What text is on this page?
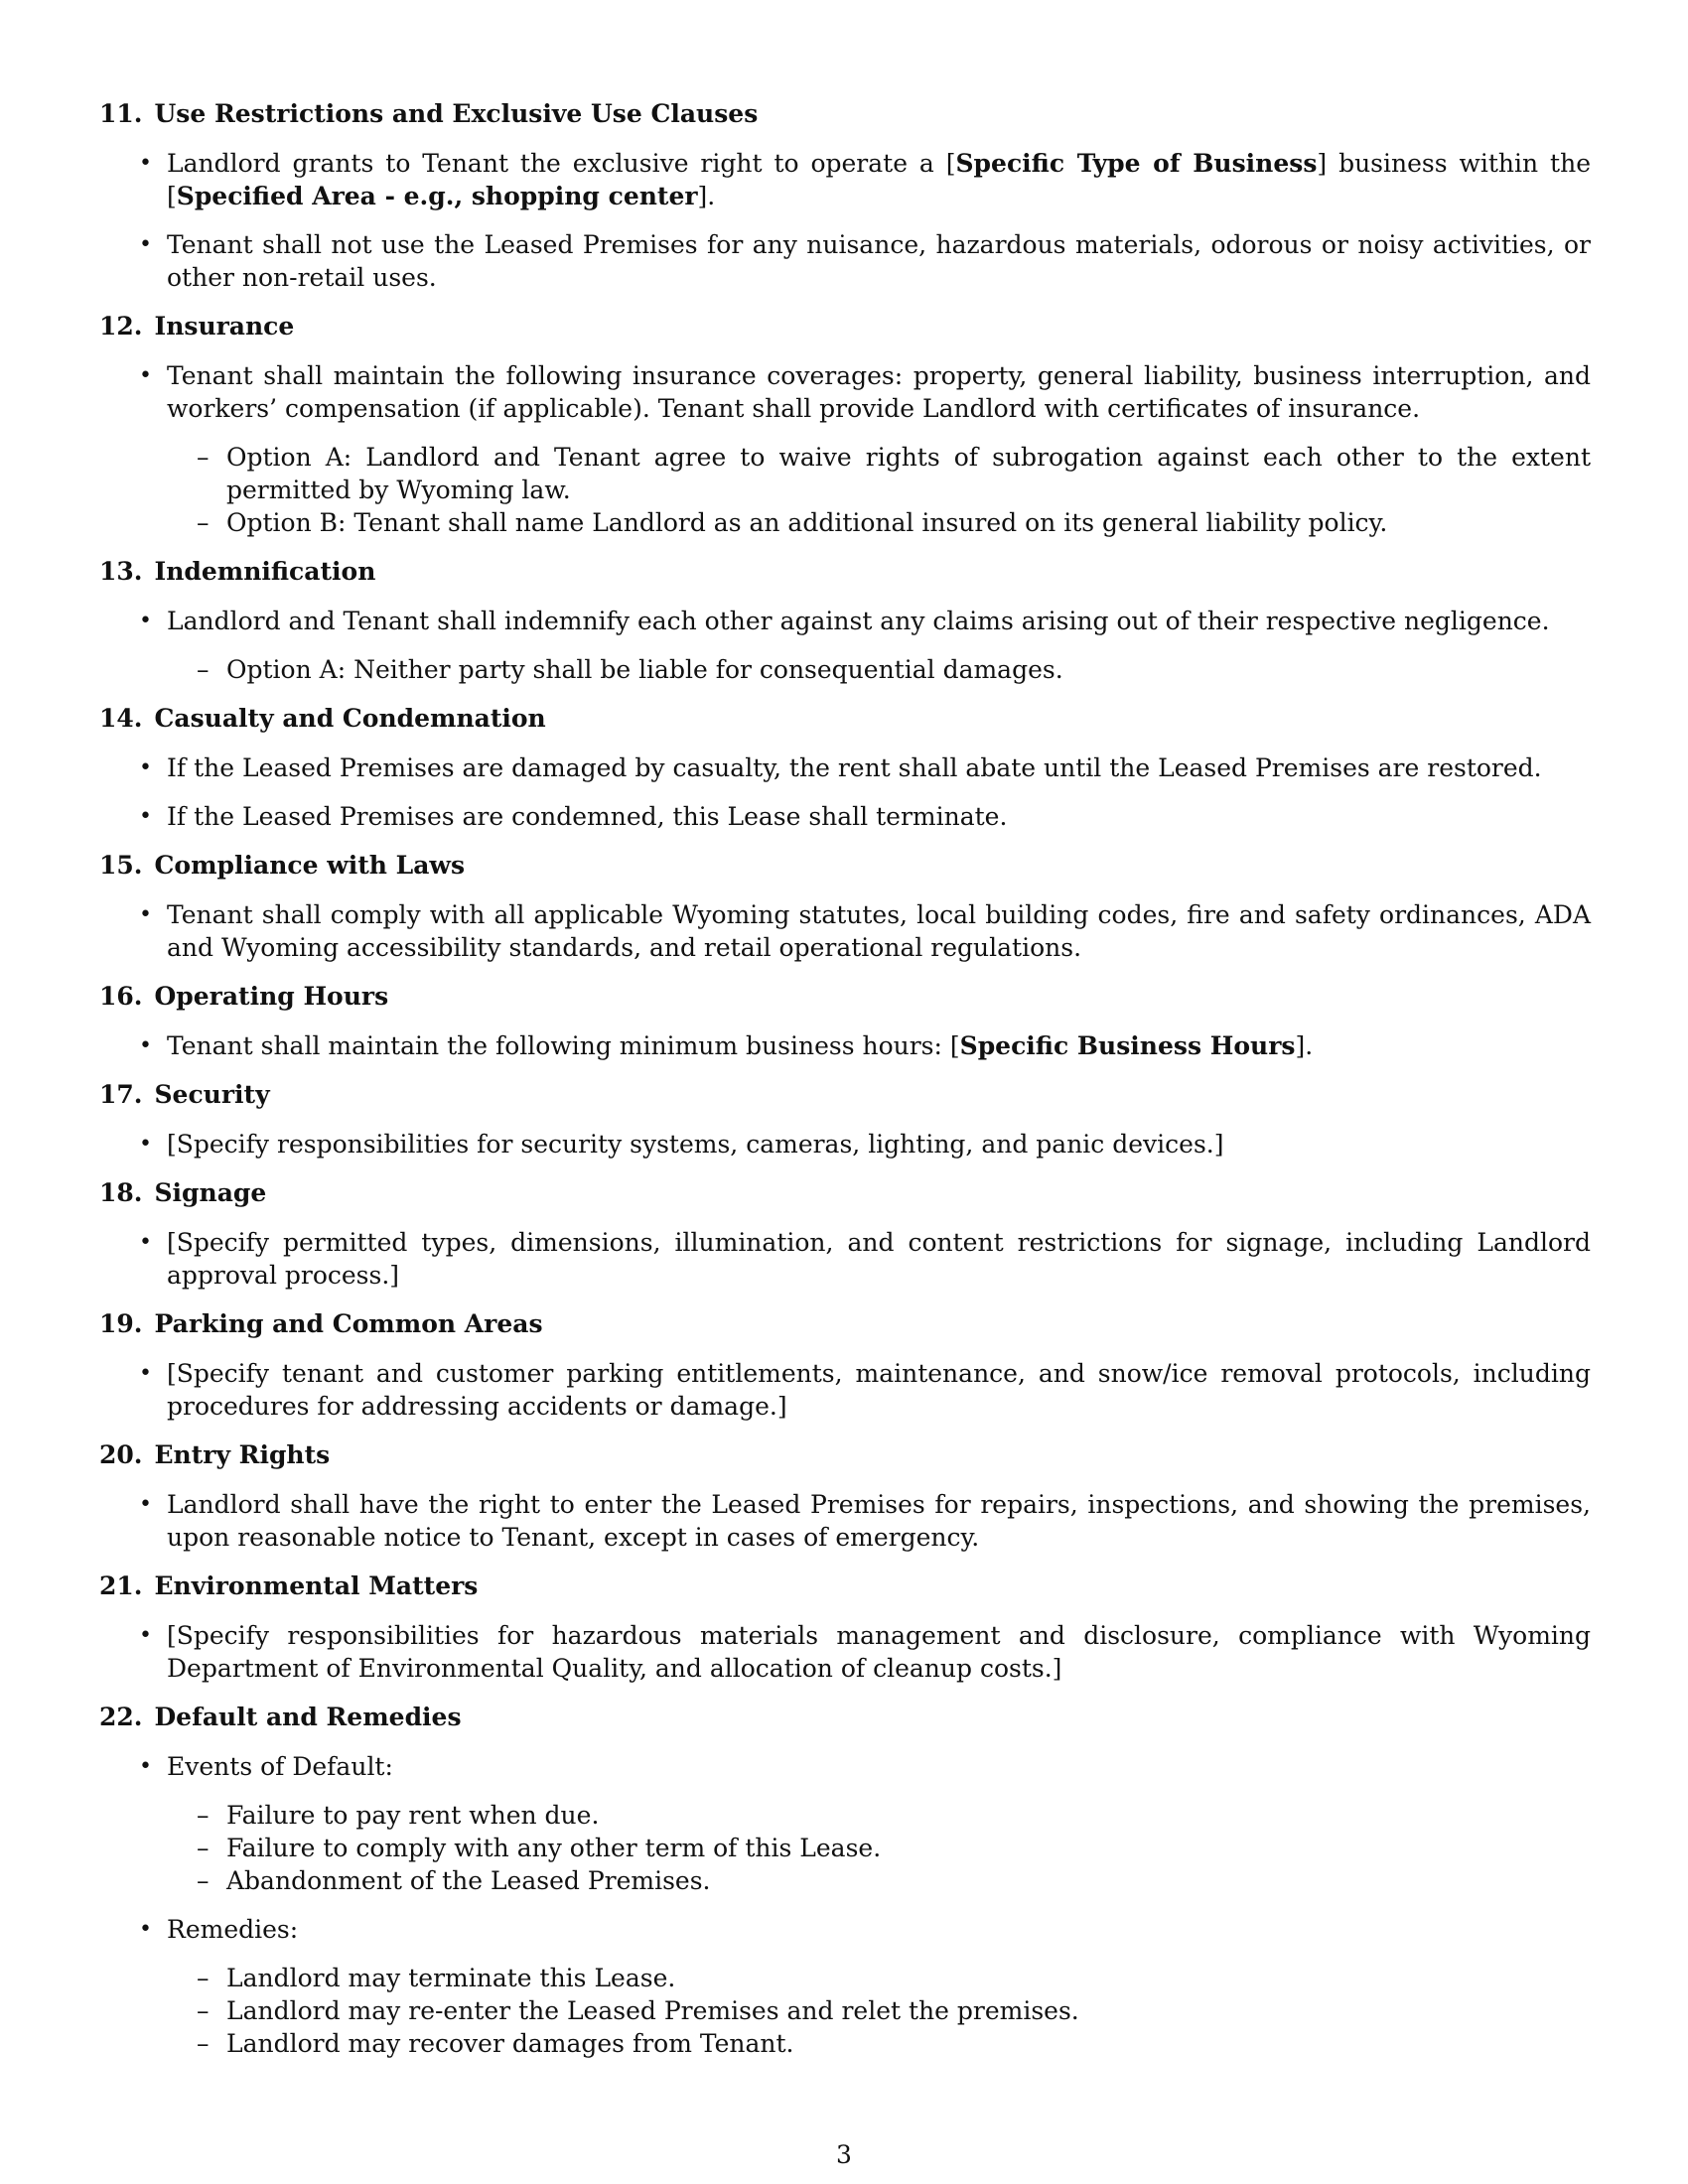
11. Use Restrictions and Exclusive Use Clauses
• Landlord grants to Tenant the exclusive right to operate a [Specific Type of Business] business within the [Specified Area - e.g., shopping center].
• Tenant shall not use the Leased Premises for any nuisance, hazardous materials, odorous or noisy activities, or other non-retail uses.
12. Insurance
• Tenant shall maintain the following insurance coverages: property, general liability, business interruption, and workers’ compensation (if applicable). Tenant shall provide Landlord with certificates of insurance.
– Option A: Landlord and Tenant agree to waive rights of subrogation against each other to the extent permitted by Wyoming law.
– Option B: Tenant shall name Landlord as an additional insured on its general liability policy.
13. Indemnification
• Landlord and Tenant shall indemnify each other against any claims arising out of their respective negligence.
– Option A: Neither party shall be liable for consequential damages.
14. Casualty and Condemnation
• If the Leased Premises are damaged by casualty, the rent shall abate until the Leased Premises are restored.
• If the Leased Premises are condemned, this Lease shall terminate.
15. Compliance with Laws
• Tenant shall comply with all applicable Wyoming statutes, local building codes, fire and safety ordinances, ADA and Wyoming accessibility standards, and retail operational regulations.
16. Operating Hours
• Tenant shall maintain the following minimum business hours: [Specific Business Hours].
17. Security
• [Specify responsibilities for security systems, cameras, lighting, and panic devices.]
18. Signage
• [Specify permitted types, dimensions, illumination, and content restrictions for signage, including Landlord approval process.]
19. Parking and Common Areas
• [Specify tenant and customer parking entitlements, maintenance, and snow/ice removal protocols, including procedures for addressing accidents or damage.]
20. Entry Rights
• Landlord shall have the right to enter the Leased Premises for repairs, inspections, and showing the premises, upon reasonable notice to Tenant, except in cases of emergency.
21. Environmental Matters
• [Specify responsibilities for hazardous materials management and disclosure, compliance with Wyoming Department of Environmental Quality, and allocation of cleanup costs.]
22. Default and Remedies
• Events of Default:
– Failure to pay rent when due.
– Failure to comply with any other term of this Lease.
– Abandonment of the Leased Premises.
• Remedies:
– Landlord may terminate this Lease.
– Landlord may re-enter the Leased Premises and relet the premises.
– Landlord may recover damages from Tenant.
3
